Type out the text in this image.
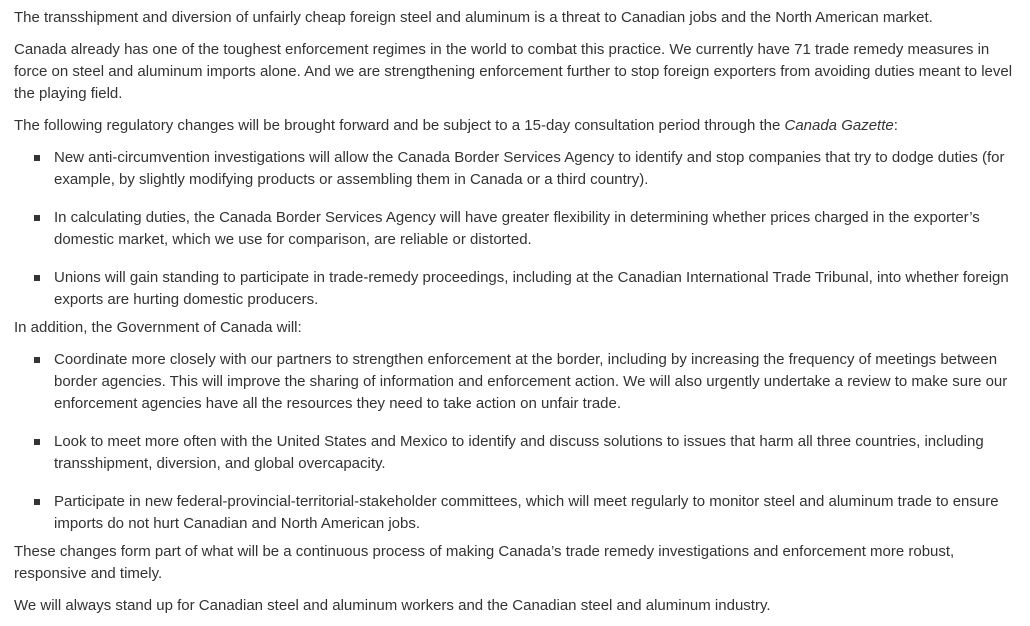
The transshipment and diversion of unfairly cheap foreign steel and aluminum is a threat to Canadian jobs and the North American market.

Canada already has one of the toughest enforcement regimes in the world to combat this practice. We currently have 71 trade remedy measures in force on steel and aluminum imports alone. And we are strengthening enforcement further to stop foreign exporters from avoiding duties meant to level the playing field.

The following regulatory changes will be brought forward and be subject to a 15-day consultation period through the Canada Gazette:

New anti-circumvention investigations will allow the Canada Border Services Agency to identify and stop companies that try to dodge duties (for example, by slightly modifying products or assembling them in Canada or a third country).
In calculating duties, the Canada Border Services Agency will have greater flexibility in determining whether prices charged in the exporter’s domestic market, which we use for comparison, are reliable or distorted.
Unions will gain standing to participate in trade-remedy proceedings, including at the Canadian International Trade Tribunal, into whether foreign exports are hurting domestic producers.

In addition, the Government of Canada will:

Coordinate more closely with our partners to strengthen enforcement at the border, including by increasing the frequency of meetings between border agencies. This will improve the sharing of information and enforcement action. We will also urgently undertake a review to make sure our enforcement agencies have all the resources they need to take action on unfair trade.
Look to meet more often with the United States and Mexico to identify and discuss solutions to issues that harm all three countries, including transshipment, diversion, and global overcapacity.
Participate in new federal-provincial-territorial-stakeholder committees, which will meet regularly to monitor steel and aluminum trade to ensure imports do not hurt Canadian and North American jobs.

These changes form part of what will be a continuous process of making Canada’s trade remedy investigations and enforcement more robust, responsive and timely.

We will always stand up for Canadian steel and aluminum workers and the Canadian steel and aluminum industry.
